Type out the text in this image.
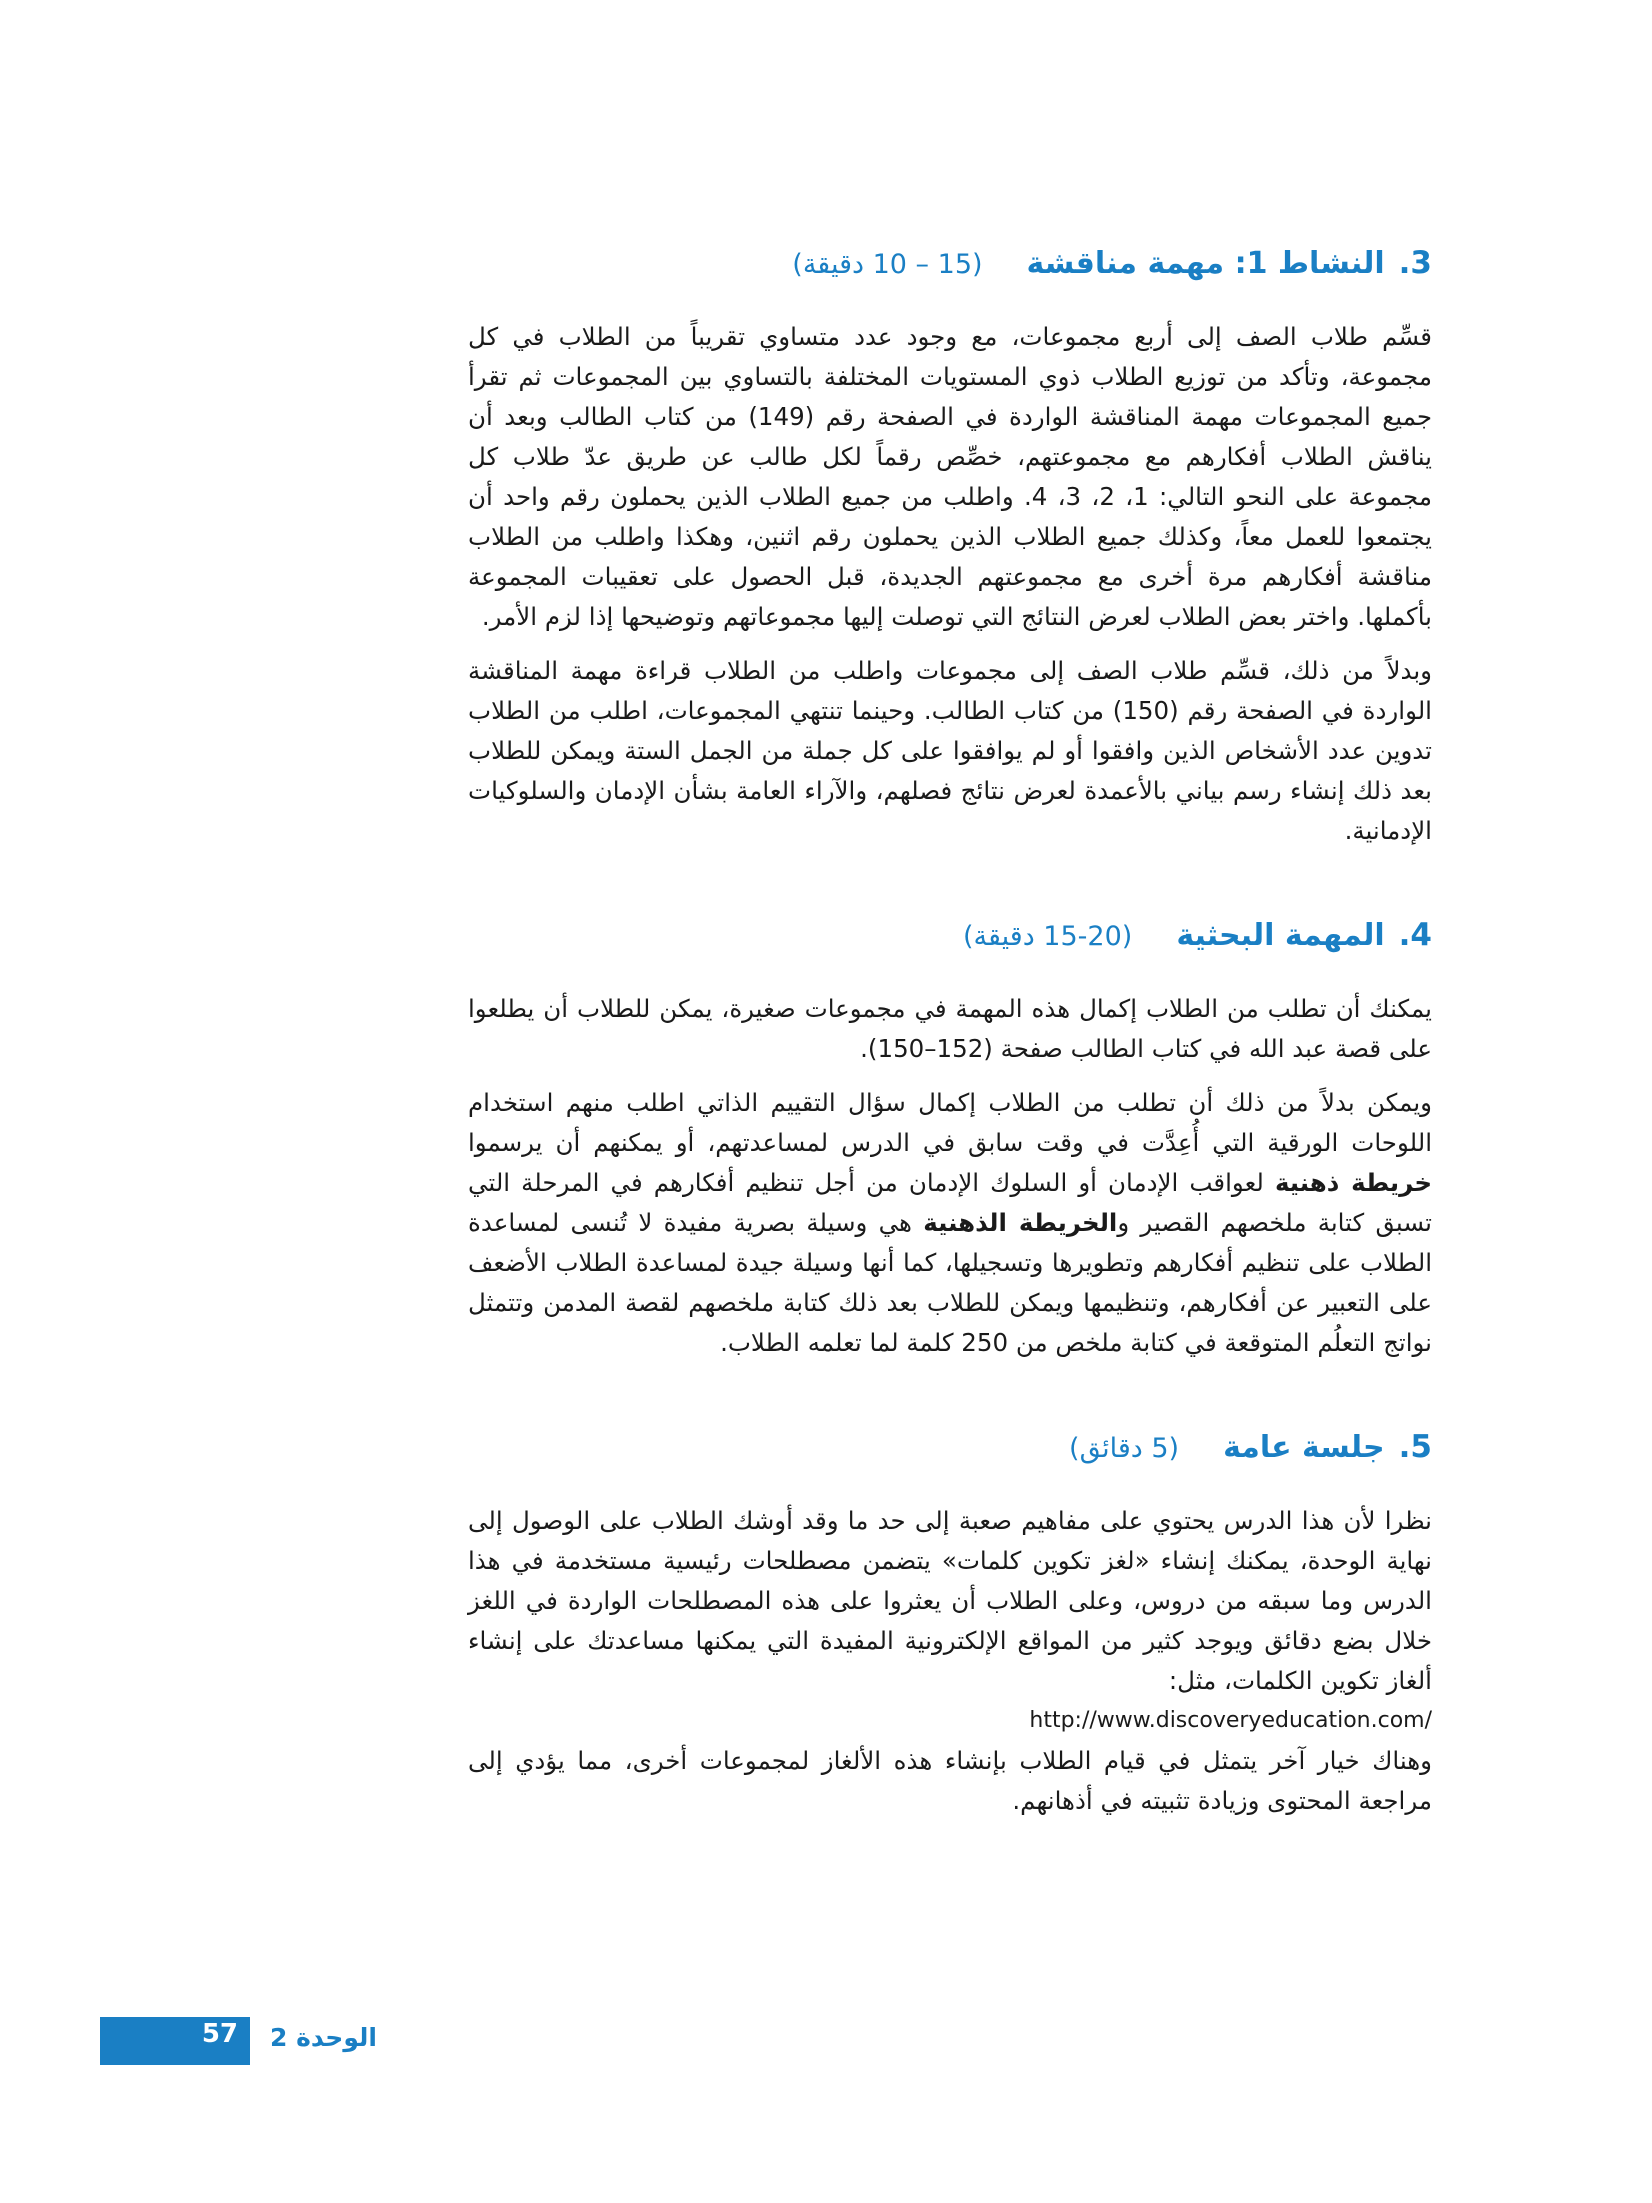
3.
النشاط 1: مهمة مناقشة
(15 – 10 دقيقة)

قسِّم طلاب الصف إلى أربع مجموعات، مع وجود عدد متساوي تقريباً من الطلاب في كل مجموعة، وتأكد من توزيع الطلاب ذوي المستويات المختلفة بالتساوي بين المجموعات ثم تقرأ جميع المجموعات مهمة المناقشة الواردة في الصفحة رقم (149) من كتاب الطالب وبعد أن يناقش الطلاب أفكارهم مع مجموعتهم، خصِّص رقماً لكل طالب عن طريق عدّ طلاب كل مجموعة على النحو التالي: 1، 2، 3، 4. واطلب من جميع الطلاب الذين يحملون رقم واحد أن يجتمعوا للعمل معاً، وكذلك جميع الطلاب الذين يحملون رقم اثنين، وهكذا واطلب من الطلاب مناقشة أفكارهم مرة أخرى مع مجموعتهم الجديدة، قبل الحصول على تعقيبات المجموعة بأكملها. واختر بعض الطلاب لعرض النتائج التي توصلت إليها مجموعاتهم وتوضيحها إذا لزم الأمر.

وبدلاً من ذلك، قسِّم طلاب الصف إلى مجموعات واطلب من الطلاب قراءة مهمة المناقشة الواردة في الصفحة رقم (150) من كتاب الطالب. وحينما تنتهي المجموعات، اطلب من الطلاب تدوين عدد الأشخاص الذين وافقوا أو لم يوافقوا على كل جملة من الجمل الستة ويمكن للطلاب بعد ذلك إنشاء رسم بياني بالأعمدة لعرض نتائج فصلهم، والآراء العامة بشأن الإدمان والسلوكيات الإدمانية.

4.
المهمة البحثية
(15-20 دقيقة)

يمكنك أن تطلب من الطلاب إكمال هذه المهمة في مجموعات صغيرة، يمكن للطلاب أن يطلعوا على قصة عبد الله في كتاب الطالب صفحة (152–150).

ويمكن بدلاً من ذلك أن تطلب من الطلاب إكمال سؤال التقييم الذاتي اطلب منهم استخدام اللوحات الورقية التي أُعِدَّت في وقت سابق في الدرس لمساعدتهم، أو يمكنهم أن يرسموا خريطة ذهنية لعواقب الإدمان أو السلوك الإدمان من أجل تنظيم أفكارهم في المرحلة التي تسبق كتابة ملخصهم القصير والخريطة الذهنية هي وسيلة بصرية مفيدة لا تُنسى لمساعدة الطلاب على تنظيم أفكارهم وتطويرها وتسجيلها، كما أنها وسيلة جيدة لمساعدة الطلاب الأضعف على التعبير عن أفكارهم، وتنظيمها ويمكن للطلاب بعد ذلك كتابة ملخصهم لقصة المدمن وتتمثل نواتج التعلُم المتوقعة في كتابة ملخص من 250 كلمة لما تعلمه الطلاب.

5.
جلسة عامة
(5 دقائق)

نظرا لأن هذا الدرس يحتوي على مفاهيم صعبة إلى حد ما وقد أوشك الطلاب على الوصول إلى نهاية الوحدة، يمكنك إنشاء «لغز تكوين كلمات» يتضمن مصطلحات رئيسية مستخدمة في هذا الدرس وما سبقه من دروس، وعلى الطلاب أن يعثروا على هذه المصطلحات الواردة في اللغز خلال بضع دقائق ويوجد كثير من المواقع الإلكترونية المفيدة التي يمكنها مساعدتك على إنشاء ألغاز تكوين الكلمات، مثل:

http://www.discoveryeducation.com/

وهناك خيار آخر يتمثل في قيام الطلاب بإنشاء هذه الألغاز لمجموعات أخرى، مما يؤدي إلى مراجعة المحتوى وزيادة تثبيته في أذهانهم.

57 الوحدة 2
